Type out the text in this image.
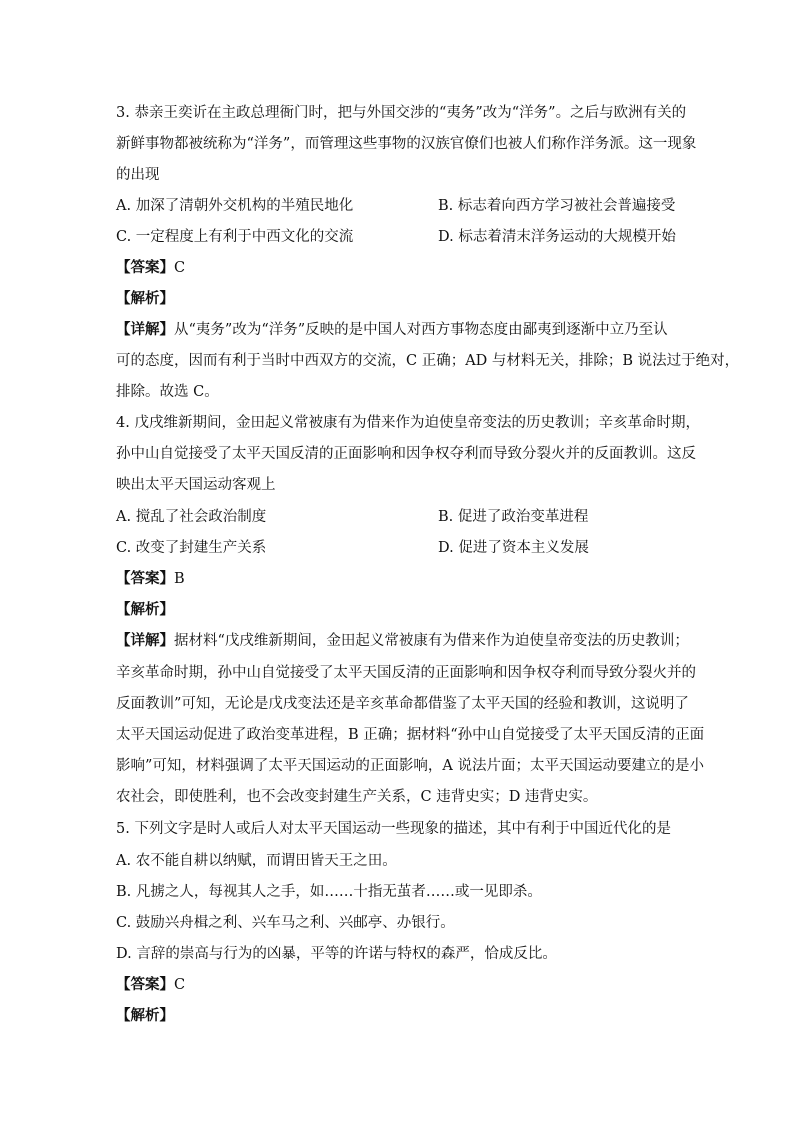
3. 恭亲王奕䜣在主政总理衙门时，把与外国交涉的“夷务”改为“洋务”。之后与欧洲有关的
新鲜事物都被统称为“洋务”，而管理这些事物的汉族官僚们也被人们称作洋务派。这一现象
的出现
A. 加深了清朝外交机构的半殖民地化	B. 标志着向西方学习被社会普遍接受
C. 一定程度上有利于中西文化的交流	D. 标志着清末洋务运动的大规模开始
【答案】C
【解析】
【详解】从“夷务”改为“洋务”反映的是中国人对西方事物态度由鄙夷到逐渐中立乃至认
可的态度，因而有利于当时中西双方的交流，C 正确；AD 与材料无关，排除；B 说法过于绝对，
排除。故选 C。
4. 戊戌维新期间，金田起义常被康有为借来作为迫使皇帝变法的历史教训；辛亥革命时期，
孙中山自觉接受了太平天国反清的正面影响和因争权夺利而导致分裂火并的反面教训。这反
映出太平天国运动客观上
A. 搅乱了社会政治制度	B. 促进了政治变革进程
C. 改变了封建生产关系	D. 促进了资本主义发展
【答案】B
【解析】
【详解】据材料“戊戌维新期间，金田起义常被康有为借来作为迫使皇帝变法的历史教训；
辛亥革命时期，孙中山自觉接受了太平天国反清的正面影响和因争权夺利而导致分裂火并的
反面教训”可知，无论是戊戌变法还是辛亥革命都借鉴了太平天国的经验和教训，这说明了
太平天国运动促进了政治变革进程，B 正确；据材料“孙中山自觉接受了太平天国反清的正面
影响”可知，材料强调了太平天国运动的正面影响，A 说法片面；太平天国运动要建立的是小
农社会，即使胜利，也不会改变封建生产关系，C 违背史实；D 违背史实。
5. 下列文字是时人或后人对太平天国运动一些现象的描述，其中有利于中国近代化的是
A. 农不能自耕以纳赋，而谓田皆天王之田。
B. 凡掳之人，每视其人之手，如……十指无茧者……或一见即杀。
C. 鼓励兴舟楫之利、兴车马之利、兴邮亭、办银行。
D. 言辞的崇高与行为的凶暴，平等的许诺与特权的森严，恰成反比。
【答案】C
【解析】
